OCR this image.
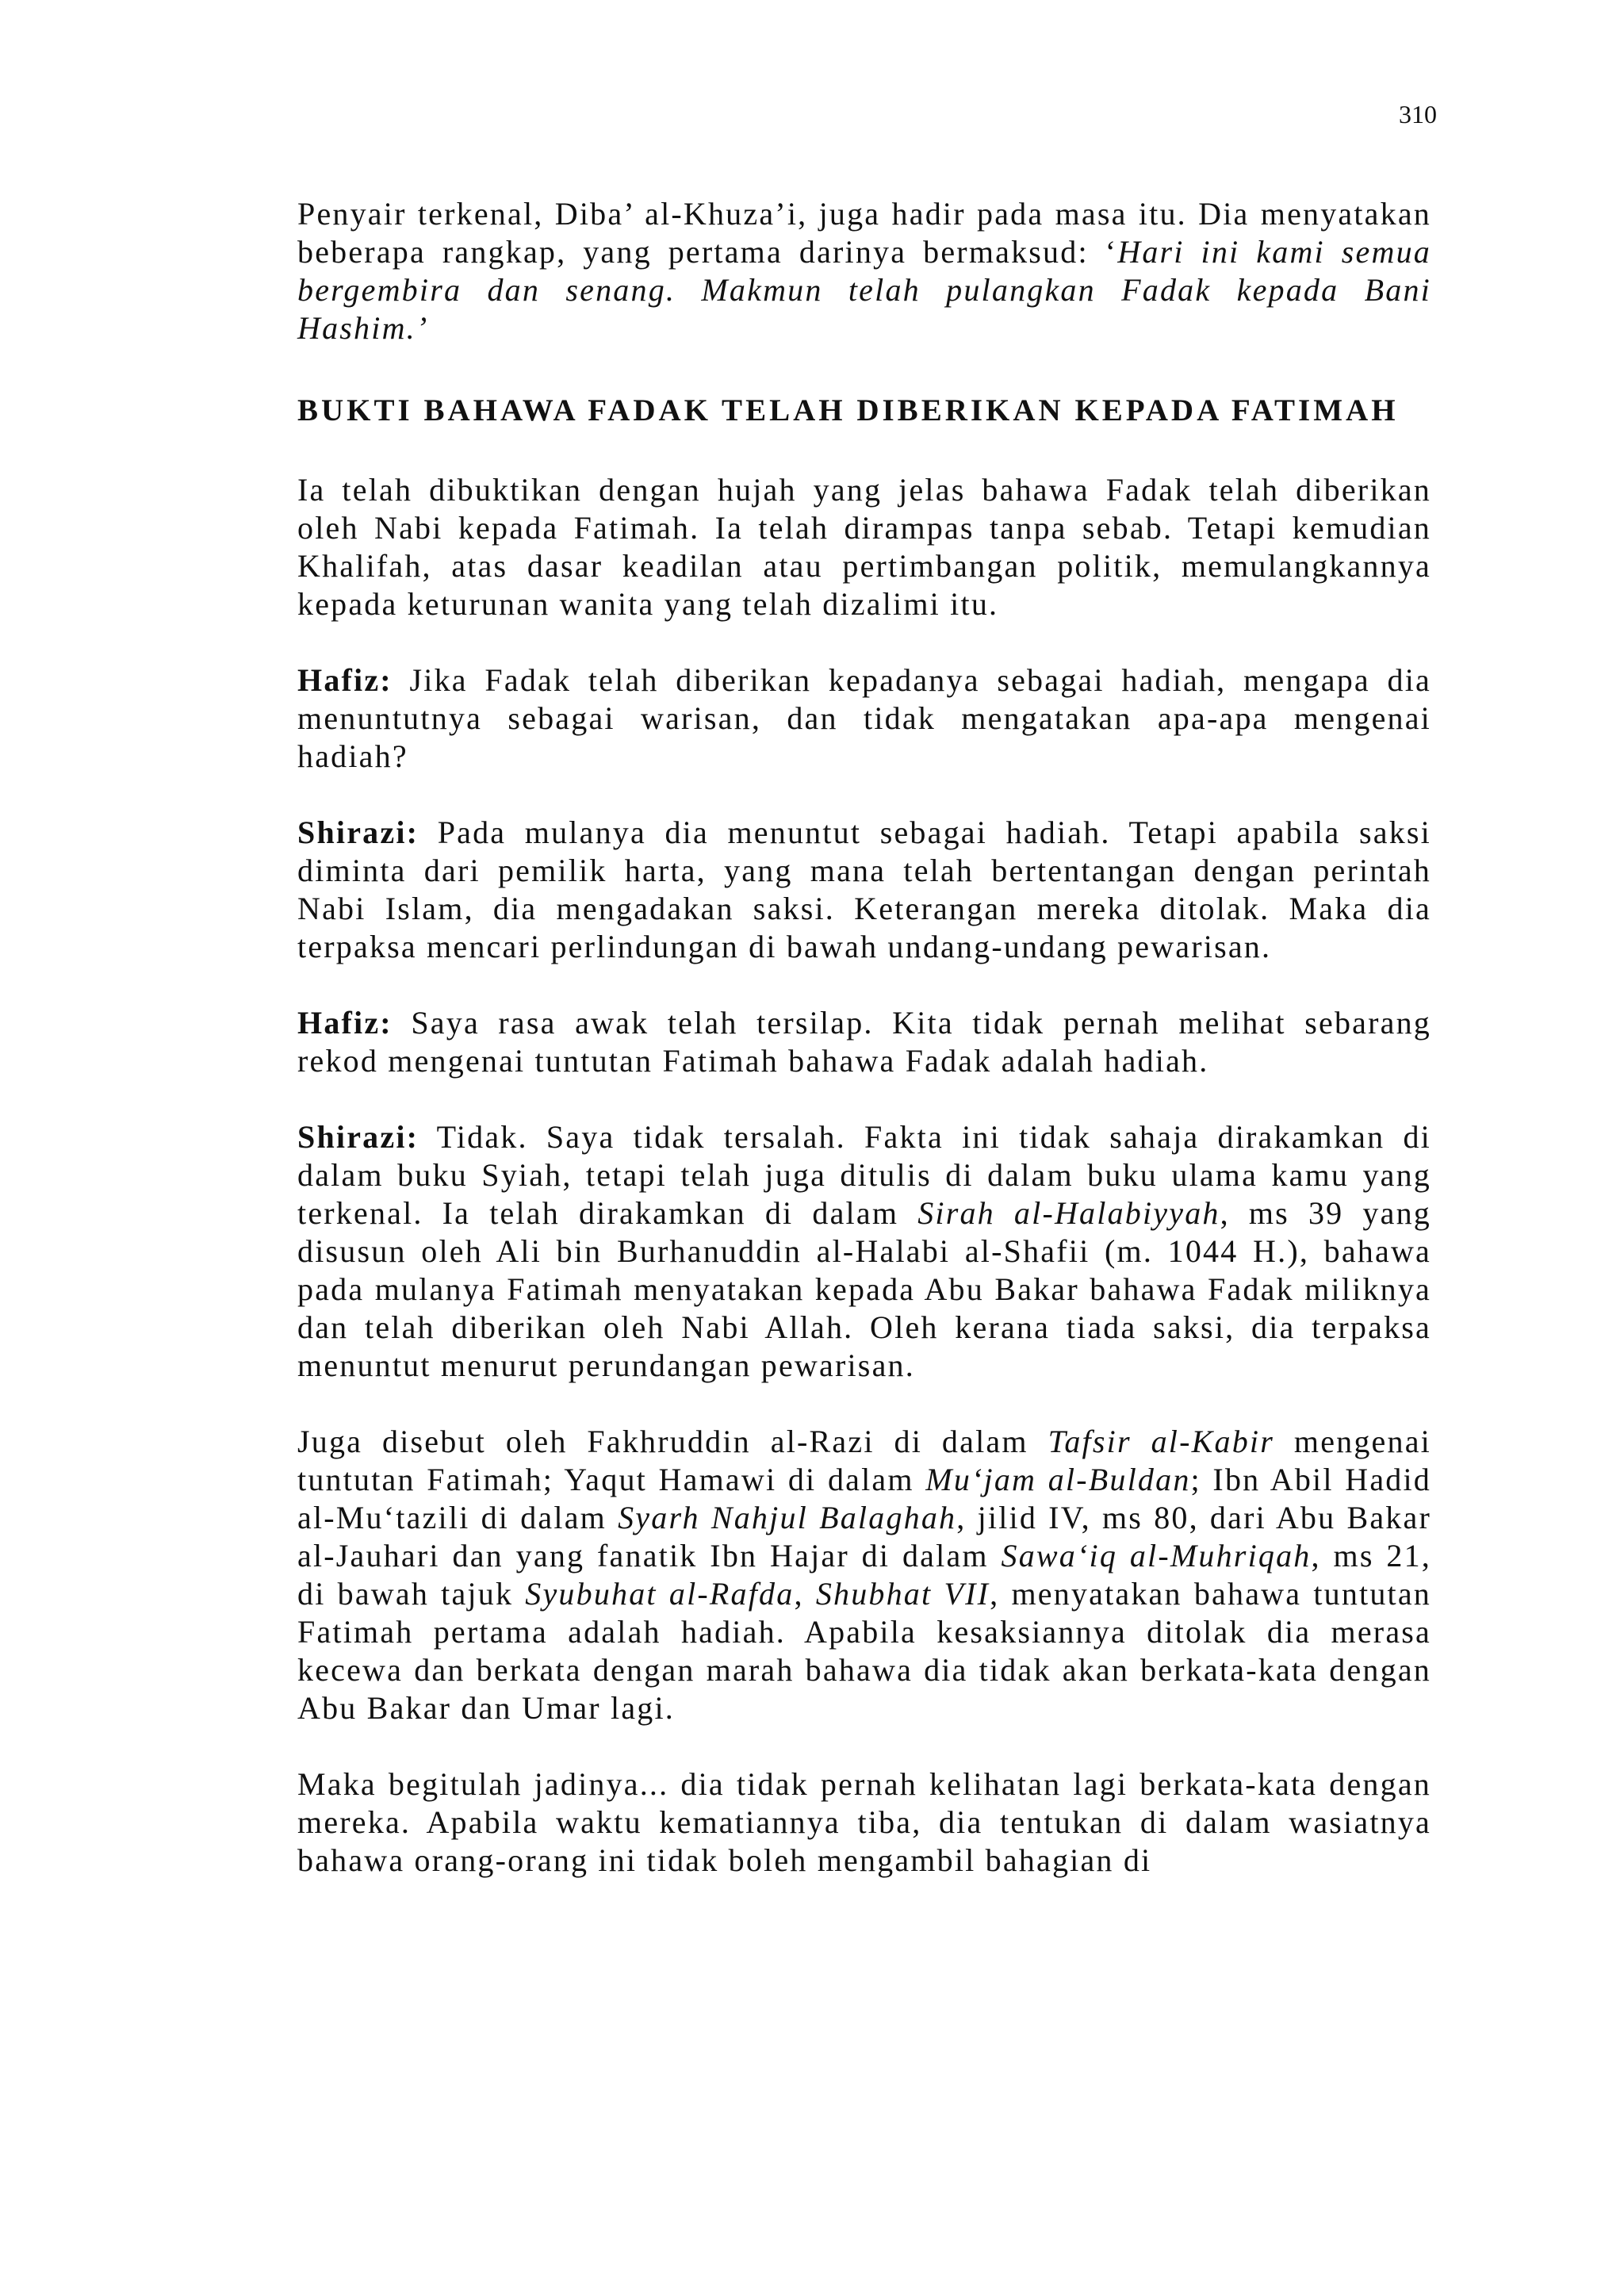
310

Penyair terkenal, Diba’ al-Khuza’i, juga hadir pada masa itu. Dia menyatakan beberapa rangkap, yang pertama darinya bermaksud: ‘Hari ini kami semua bergembira dan senang. Makmun telah pulangkan Fadak kepada Bani Hashim.’

BUKTI BAHAWA FADAK TELAH DIBERIKAN KEPADA FATIMAH

Ia telah dibuktikan dengan hujah yang jelas bahawa Fadak telah diberikan oleh Nabi kepada Fatimah. Ia telah dirampas tanpa sebab. Tetapi kemudian Khalifah, atas dasar keadilan atau pertimbangan politik, memulangkannya kepada keturunan wanita yang telah dizalimi itu.

Hafiz: Jika Fadak telah diberikan kepadanya sebagai hadiah, mengapa dia menuntutnya sebagai warisan, dan tidak mengatakan apa-apa mengenai hadiah?

Shirazi: Pada mulanya dia menuntut sebagai hadiah. Tetapi apabila saksi diminta dari pemilik harta, yang mana telah bertentangan dengan perintah Nabi Islam, dia mengadakan saksi. Keterangan mereka ditolak. Maka dia terpaksa mencari perlindungan di bawah undang-undang pewarisan.

Hafiz: Saya rasa awak telah tersilap. Kita tidak pernah melihat sebarang rekod mengenai tuntutan Fatimah bahawa Fadak adalah hadiah.

Shirazi: Tidak. Saya tidak tersalah. Fakta ini tidak sahaja dirakamkan di dalam buku Syiah, tetapi telah juga ditulis di dalam buku ulama kamu yang terkenal. Ia telah dirakamkan di dalam Sirah al-Halabiyyah, ms 39 yang disusun oleh Ali bin Burhanuddin al-Halabi al-Shafii (m. 1044 H.), bahawa pada mulanya Fatimah menyatakan kepada Abu Bakar bahawa Fadak miliknya dan telah diberikan oleh Nabi Allah. Oleh kerana tiada saksi, dia terpaksa menuntut menurut perundangan pewarisan.

Juga disebut oleh Fakhruddin al-Razi di dalam Tafsir al-Kabir mengenai tuntutan Fatimah; Yaqut Hamawi di dalam Mu‘jam al-Buldan; Ibn Abil Hadid al-Mu‘tazili di dalam Syarh Nahjul Balaghah, jilid IV, ms 80, dari Abu Bakar al-Jauhari dan yang fanatik Ibn Hajar di dalam Sawa‘iq al-Muhriqah, ms 21, di bawah tajuk Syubuhat al-Rafda, Shubhat VII, menyatakan bahawa tuntutan Fatimah pertama adalah hadiah. Apabila kesaksiannya ditolak dia merasa kecewa dan berkata dengan marah bahawa dia tidak akan berkata-kata dengan Abu Bakar dan Umar lagi.

Maka begitulah jadinya... dia tidak pernah kelihatan lagi berkata-kata dengan mereka. Apabila waktu kematiannya tiba, dia tentukan di dalam wasiatnya bahawa orang-orang ini tidak boleh mengambil bahagian di
